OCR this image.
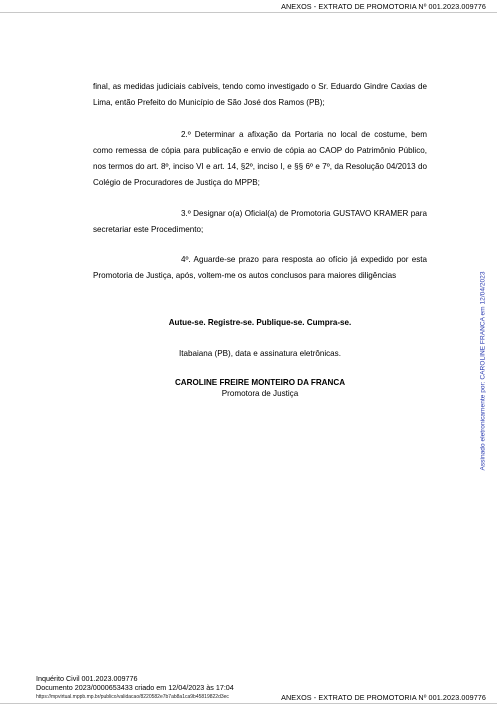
ANEXOS - EXTRATO DE PROMOTORIA Nº 001.2023.009776

final, as medidas judiciais cabíveis, tendo como investigado o Sr. Eduardo Gindre Caxias de Lima, então Prefeito do Município de São José dos Ramos (PB);

2.º Determinar a afixação da Portaria no local de costume, bem como remessa de cópia para publicação e envio de cópia ao CAOP do Patrimônio Público, nos termos do art. 8º, inciso VI e art. 14, §2º, inciso I, e §§ 6º e 7º, da Resolução 04/2013 do Colégio de Procuradores de Justiça do MPPB;

3.º Designar o(a) Oficial(a) de Promotoria GUSTAVO KRAMER para secretariar este Procedimento;

4º. Aguarde-se prazo para resposta ao ofício já expedido por esta Promotoria de Justiça, após, voltem-me os autos conclusos para maiores diligências

Autue-se. Registre-se. Publique-se. Cumpra-se.
Itabaiana (PB), data e assinatura eletrônicas.
CAROLINE FREIRE MONTEIRO DA FRANCA
Promotora de Justiça	Assinado eletronicamente por: CAROLINE FRANCA em 12/04/2023
Inquérito Civil 001.2023.009776
Documento 2023/0000653433 criado em 12/04/2023 às 17:04
https://mpvirtual.mppb.mp.br/publico/validacao/8220582e7b7ab8a1ca9b45819822d3ec	ANEXOS - EXTRATO DE PROMOTORIA Nº 001.2023.009776
